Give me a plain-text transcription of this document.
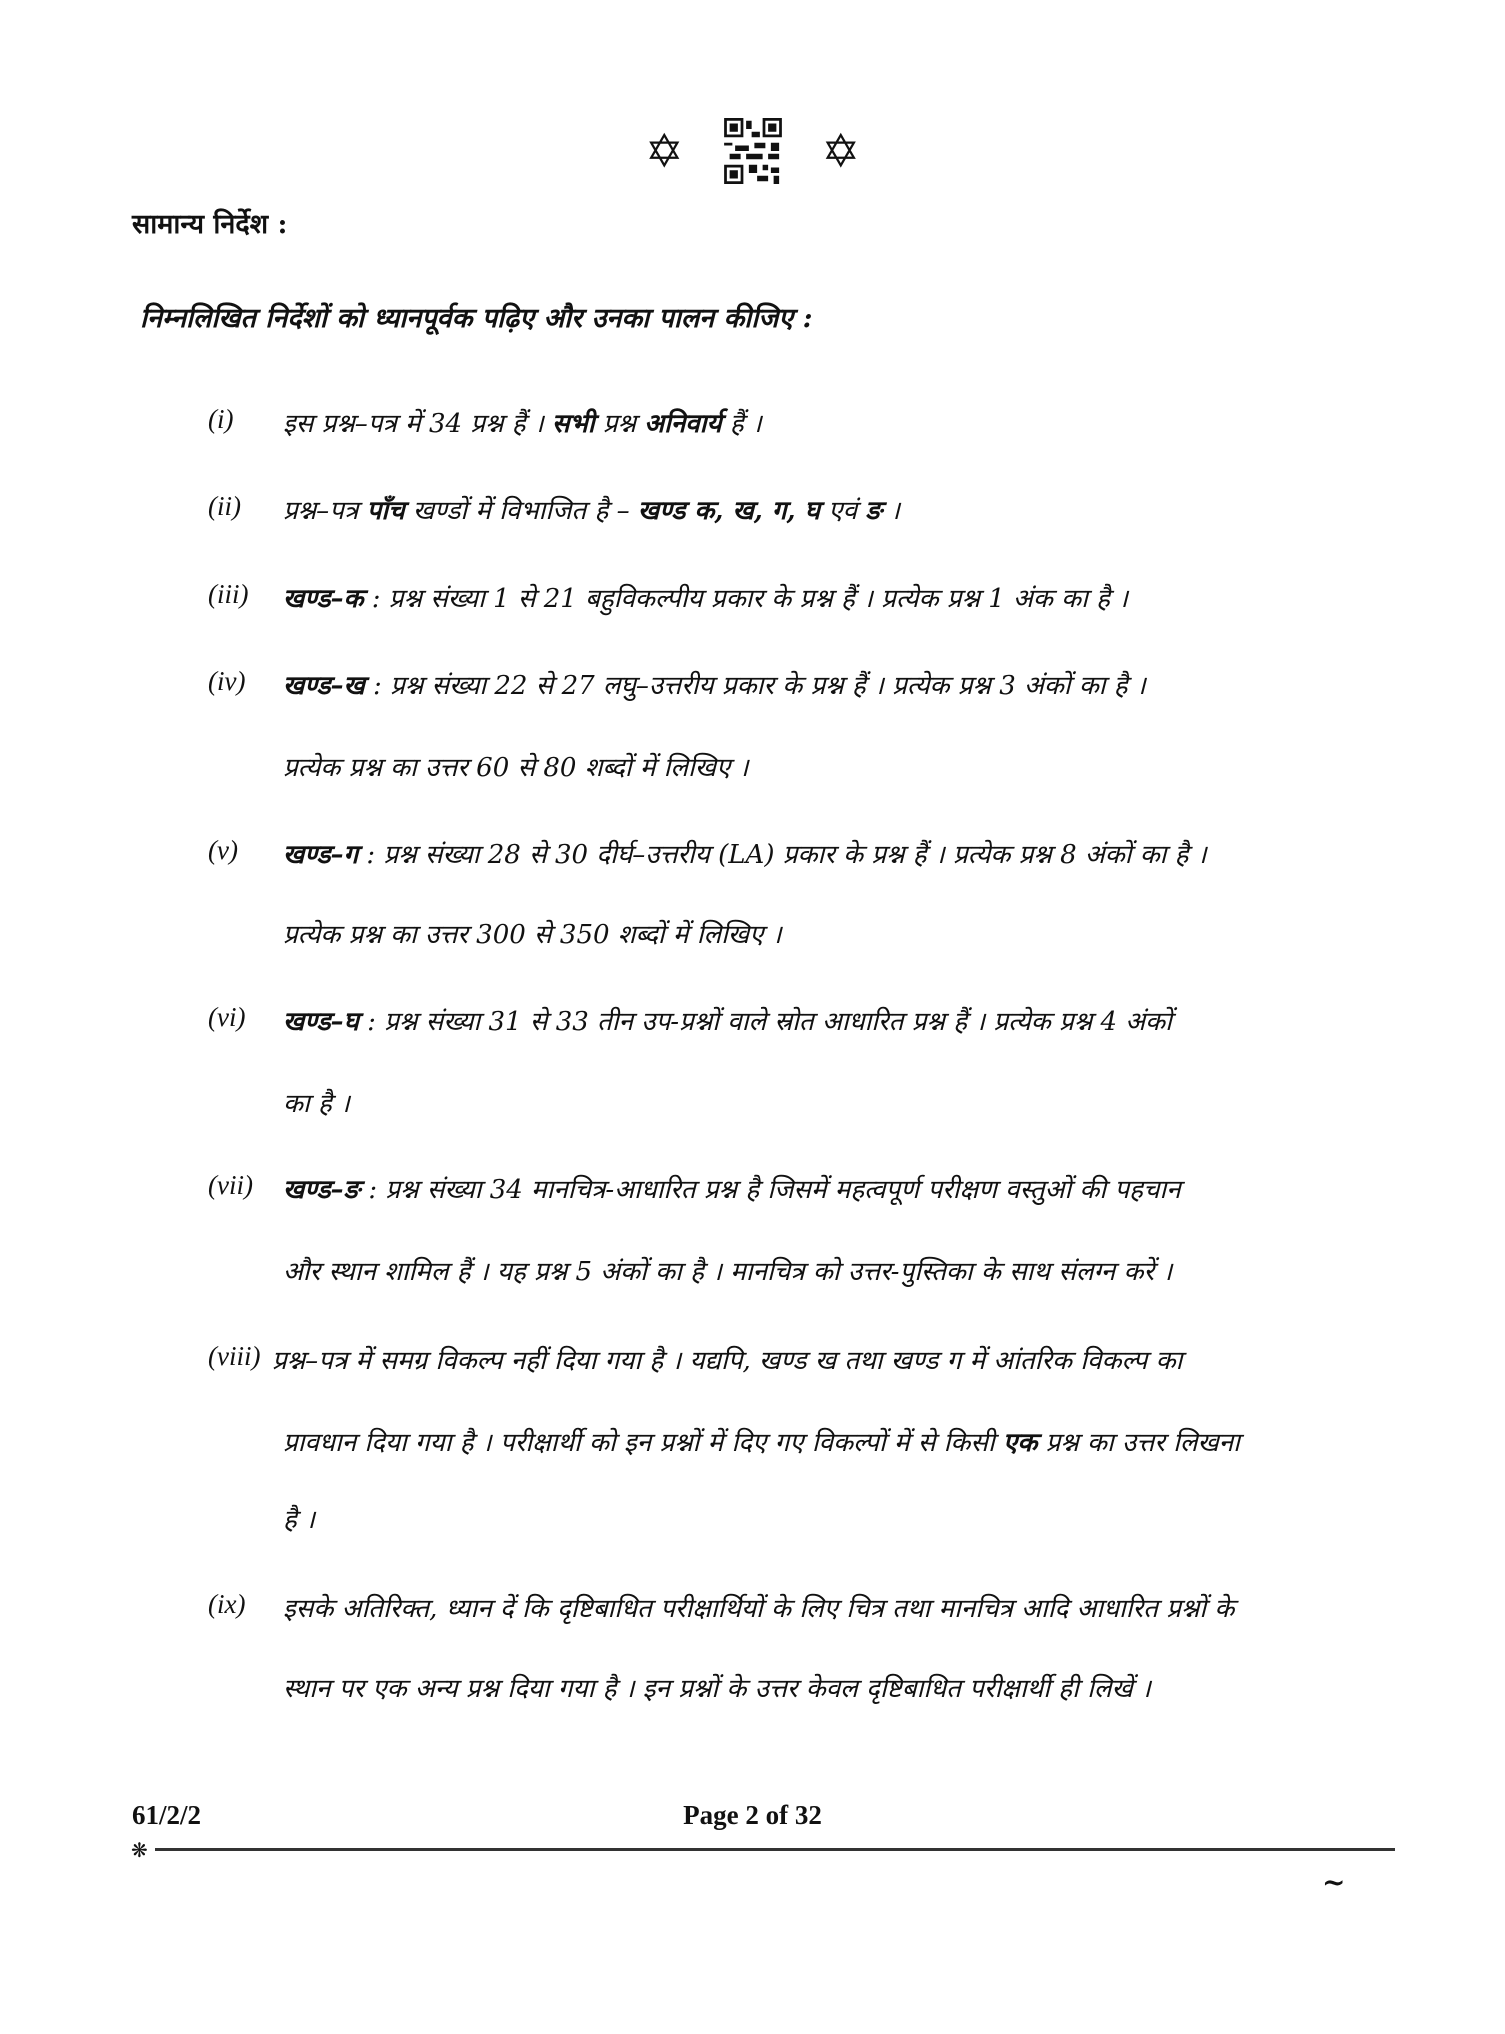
✡	✡
सामान्य निर्देश :
निम्नलिखित निर्देशों को ध्यानपूर्वक पढ़िए और उनका पालन कीजिए :
(i) इस प्रश्न–पत्र में 34 प्रश्न हैं । सभी प्रश्न अनिवार्य हैं ।
(ii) प्रश्न–पत्र पाँच खण्डों में विभाजित है – खण्ड क, ख, ग, घ एवं ङ ।
(iii) खण्ड–क : प्रश्न संख्या 1 से 21 बहुविकल्पीय प्रकार के प्रश्न हैं । प्रत्येक प्रश्न 1 अंक का है ।
(iv) खण्ड–ख : प्रश्न संख्या 22 से 27 लघु–उत्तरीय प्रकार के प्रश्न हैं । प्रत्येक प्रश्न 3 अंकों का है ।
प्रत्येक प्रश्न का उत्तर 60 से 80 शब्दों में लिखिए ।
(v) खण्ड–ग : प्रश्न संख्या 28 से 30 दीर्घ–उत्तरीय (LA) प्रकार के प्रश्न हैं । प्रत्येक प्रश्न 8 अंकों का है ।
प्रत्येक प्रश्न का उत्तर 300 से 350 शब्दों में लिखिए ।
(vi) खण्ड–घ : प्रश्न संख्या 31 से 33 तीन उप-प्रश्नों वाले स्रोत आधारित प्रश्न हैं । प्रत्येक प्रश्न 4 अंकों
का है ।
(vii) खण्ड–ङ : प्रश्न संख्या 34 मानचित्र-आधारित प्रश्न है जिसमें महत्वपूर्ण परीक्षण वस्तुओं की पहचान
और स्थान शामिल हैं । यह प्रश्न 5 अंकों का है । मानचित्र को उत्तर-पुस्तिका के साथ संलग्न करें ।
(viii) प्रश्न–पत्र में समग्र विकल्प नहीं दिया गया है । यद्यपि, खण्ड ख तथा खण्ड ग में आंतरिक विकल्प का
प्रावधान दिया गया है । परीक्षार्थी को इन प्रश्नों में दिए गए विकल्पों में से किसी एक प्रश्न का उत्तर लिखना
है ।
(ix) इसके अतिरिक्त, ध्यान दें कि दृष्टिबाधित परीक्षार्थियों के लिए चित्र तथा मानचित्र आदि आधारित प्रश्नों के
स्थान पर एक अन्य प्रश्न दिया गया है । इन प्रश्नों के उत्तर केवल दृष्टिबाधित परीक्षार्थी ही लिखें ।
61/2/2	Page 2 of 32
❋
~
